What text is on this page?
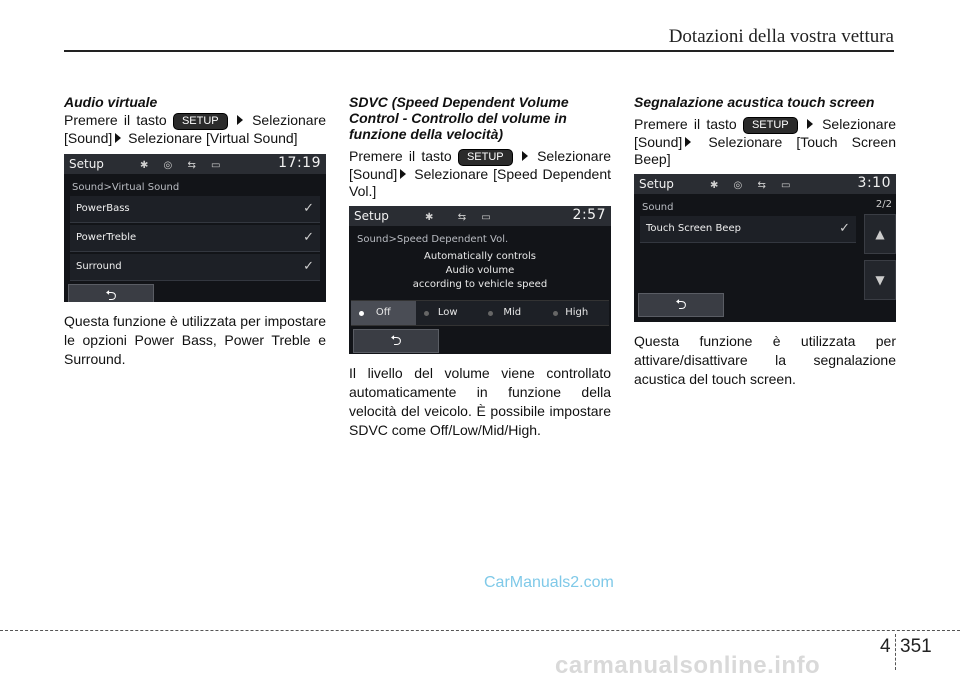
Dotazioni della vostra vettura

Audio virtuale

Premere il tasto SETUP Selezionare [Sound] Selezionare [Virtual Sound]

Setup	✱ ◎ ⇆ ▭	17:19
Sound>Virtual Sound
PowerBass	✓
PowerTreble	✓
Surround	✓
⮌

Questa funzione è utilizzata per impostare le opzioni Power Bass, Power Treble e Surround.

SDVC (Speed Dependent Volume Control - Controllo del volume in funzione della velocità)

Premere il tasto SETUP Selezionare [Sound] Selezionare [Speed Dependent Vol.]

Setup	✱  ⇆ ▭	2:57
Sound>Speed Dependent Vol.
Automatically controls
Audio volume
according to vehicle speed
Off	Low	Mid	High
⮌

Il livello del volume viene controllato automaticamente in funzione della velocità del veicolo. È possibile impostare SDVC come Off/Low/Mid/High.

Segnalazione acustica touch screen

Premere il tasto SETUP Selezionare [Sound] Selezionare [Touch Screen Beep]

Setup	✱ ◎ ⇆ ▭	3:10
Sound	2/2
Touch Screen Beep	✓	▲
▼
⮌

Questa funzione è utilizzata per attivare/disattivare la segnalazione acustica del touch screen.

CarManuals2.com
4 351
carmanualsonline.info
